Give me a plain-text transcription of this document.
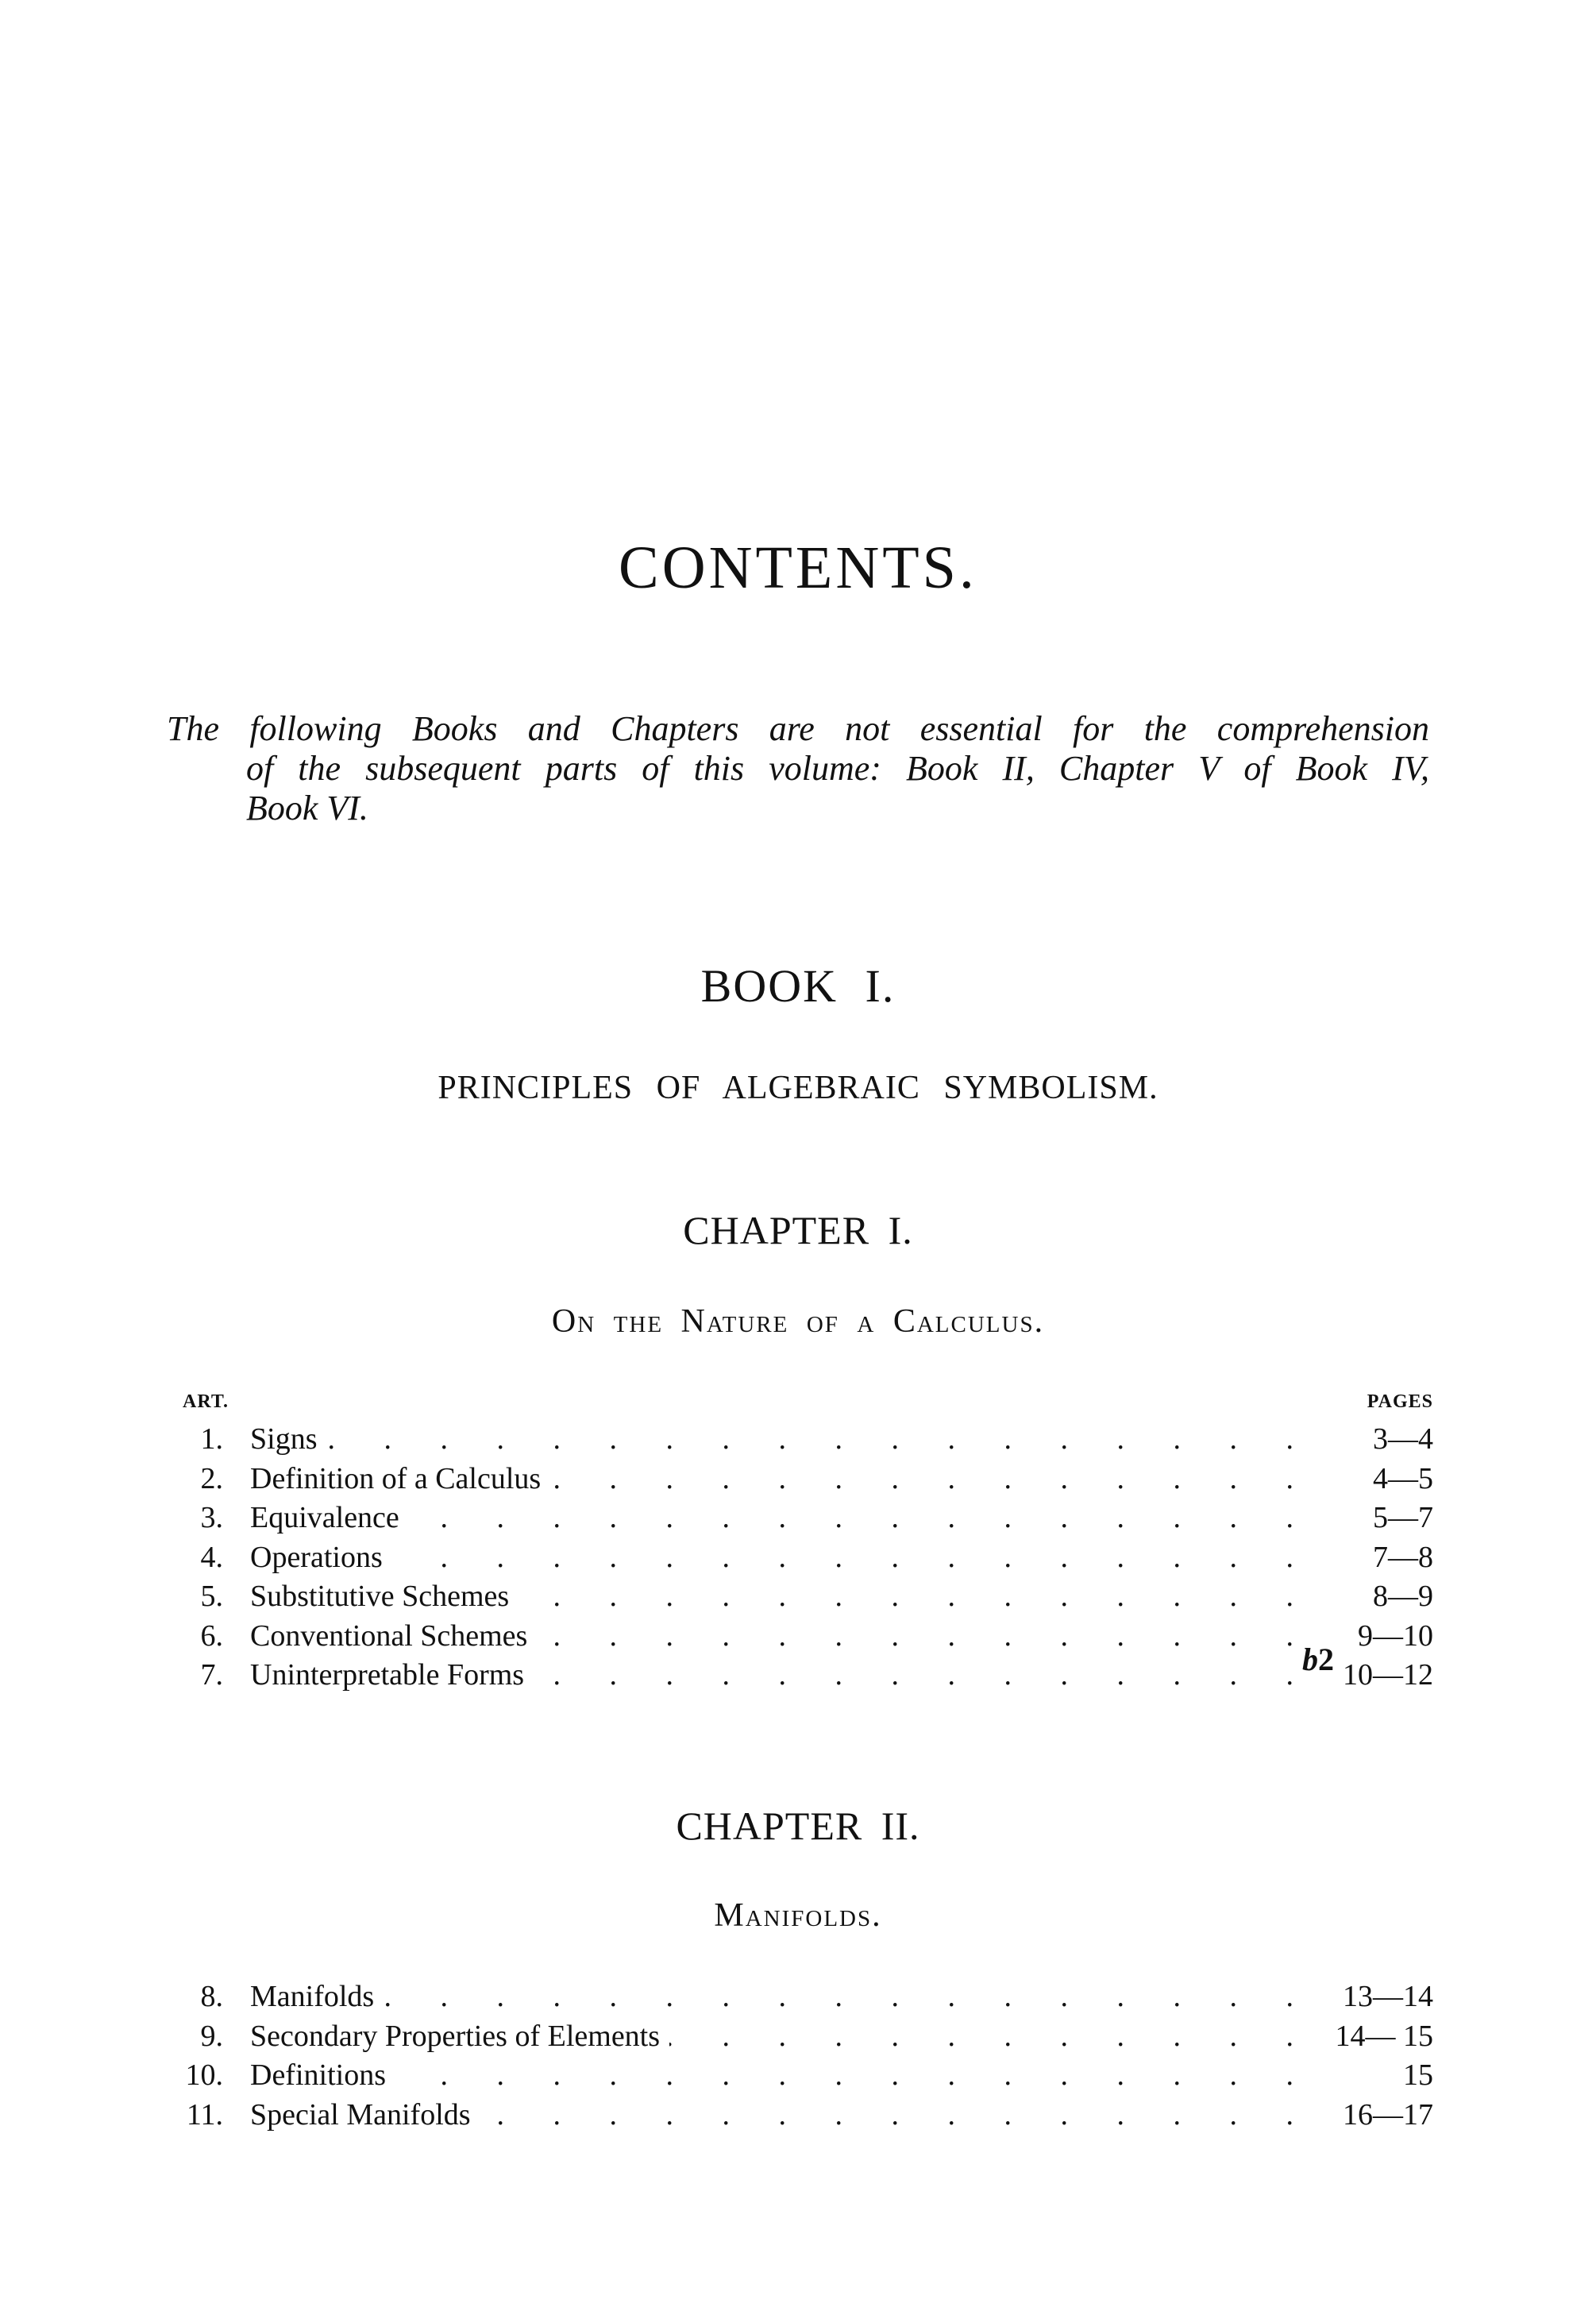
CONTENTS.
The following Books and Chapters are not essential for the comprehension
of the subsequent parts of this volume: Book II, Chapter V of Book IV,
Book VI.
BOOK I.
PRINCIPLES OF ALGEBRAIC SYMBOLISM.
CHAPTER I.
On the Nature of a Calculus.
ART.	PAGES
1. . . . Signs	3—4
2. . . . Definition of a Calculus	4—5
3. . . . Equivalence	5—7
4. . . . Operations	7—8
5. . . . Substitutive Schemes	8—9
6. . . . Conventional Schemes	9—10
7. . . . Uninterpretable Forms	10—12
CHAPTER II.
Manifolds.
8. . . . Manifolds	13—14
9. . . . Secondary Properties of Elements	14— 15
10. . . . Definitions	15
11. . . . Special Manifolds	16—17
b2
